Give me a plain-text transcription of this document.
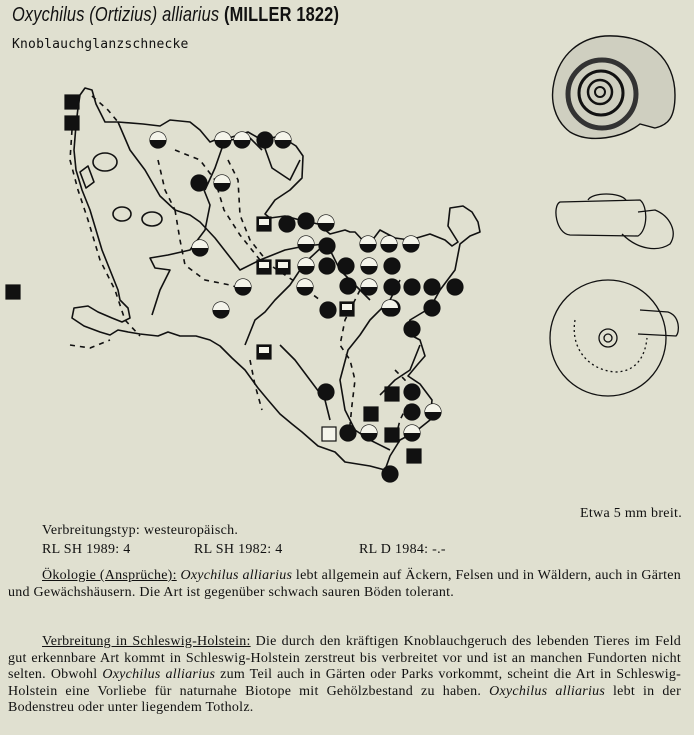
Oxychilus (Ortizius) alliarius (MILLER 1822)
Knoblauchglanzschnecke
Etwa 5 mm breit.
Verbreitungstyp: westeuropäisch.
RL SH 1989: 4	RL SH 1982: 4	RL D 1984: -.-

Ökologie (Ansprüche): Oxychilus alliarius lebt allgemein auf Äckern, Felsen und in Wäldern, auch in Gärten und Gewächshäusern. Die Art ist gegenüber schwach sauren Böden tolerant.

Verbreitung in Schleswig-Holstein: Die durch den kräftigen Knoblauchgeruch des lebenden Tieres im Feld gut erkennbare Art kommt in Schleswig-Holstein zerstreut bis verbreitet vor und ist an manchen Fundorten nicht selten. Obwohl Oxychilus alliarius zum Teil auch in Gärten oder Parks vorkommt, scheint die Art in Schleswig-Holstein eine Vorliebe für naturnahe Biotope mit Gehölzbestand zu haben. Oxychilus alliarius lebt in der Bodenstreu oder unter liegendem Totholz.
